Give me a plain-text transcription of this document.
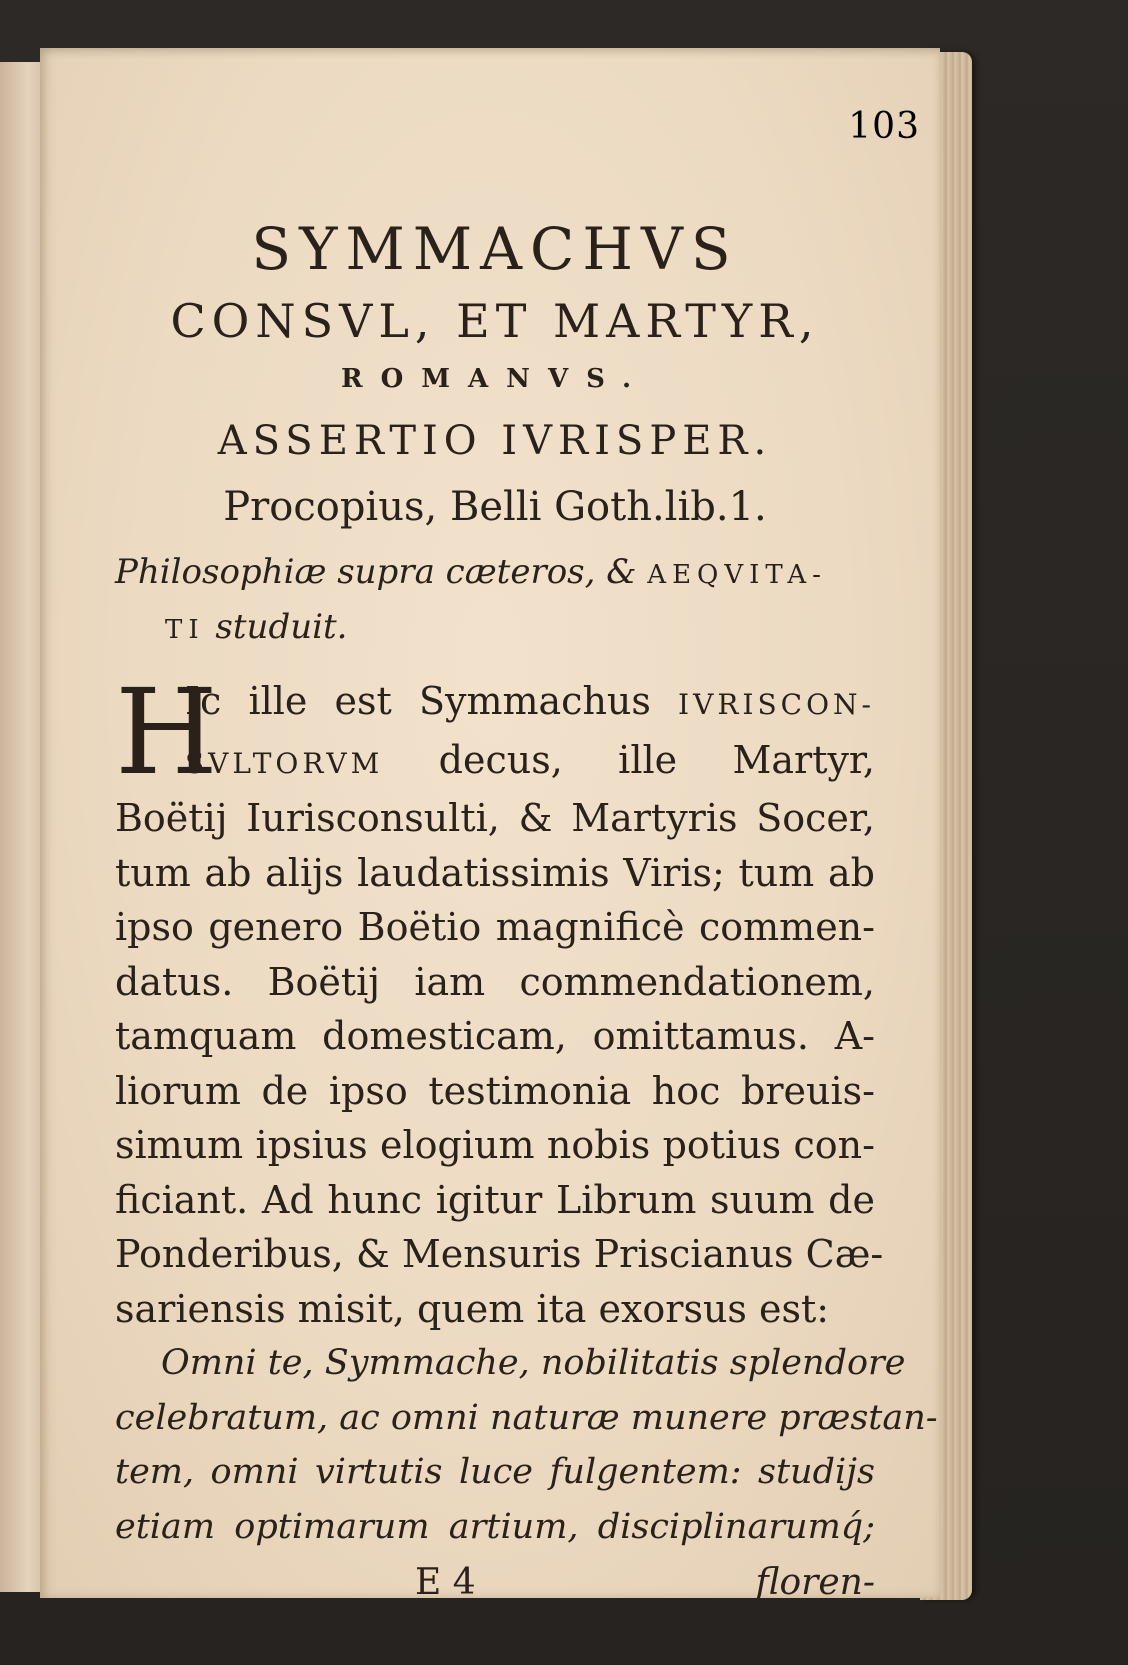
103
SYMMACHVS
CONSVL, ET MARTYR,
ROMANVS.
ASSERTIO IVRISPER.
Procopius, Belli Goth.lib.1.
Philosophiæ supra cæteros, & AEQVITA-
TI studuit.
H
Ic ille est Symmachus IVRISCON-
SVLTORVM decus, ille Martyr,
Boëtij Iurisconsulti, & Martyris Socer,
tum ab alijs laudatissimis Viris; tum ab
ipso genero Boëtio magnificè commen-
datus. Boëtij iam commendationem,
tamquam domesticam, omittamus. A-
liorum de ipso testimonia hoc breuis-
simum ipsius elogium nobis potius con-
ficiant. Ad hunc igitur Librum suum de
Ponderibus, & Mensuris Priscianus Cæ-
sariensis misit, quem ita exorsus est:
Omni te, Symmache, nobilitatis splendore
celebratum, ac omni naturæ munere præstan-
tem, omni virtutis luce fulgentem: studijs
etiam optimarum artium, disciplinarumq́;
E 4	floren-
